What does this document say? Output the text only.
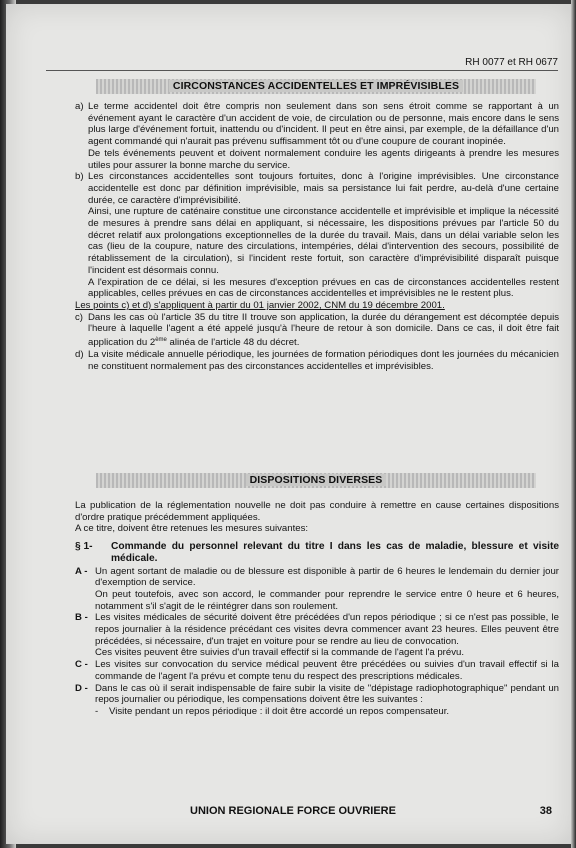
RH 0077 et RH 0677
CIRCONSTANCES ACCIDENTELLES ET IMPRÉVISIBLES
a) Le terme accidentel doit être compris non seulement dans son sens étroit comme se rapportant à un événement ayant le caractère d'un accident de voie, de circulation ou de personne, mais encore dans le sens plus large d'événement fortuit, inattendu ou d'incident. Il peut en être ainsi, par exemple, de la défaillance d'un agent commandé qui n'aurait pas prévenu suffisamment tôt ou d'une coupure de courant inopinée.

De tels événements peuvent et doivent normalement conduire les agents dirigeants à prendre les mesures utiles pour assurer la bonne marche du service.

b) Les circonstances accidentelles sont toujours fortuites, donc à l'origine imprévisibles. Une circonstance accidentelle est donc par définition imprévisible, mais sa persistance lui fait perdre, au-delà d'une certaine durée, ce caractère d'imprévisibilité.

Ainsi, une rupture de caténaire constitue une circonstance accidentelle et imprévisible et implique la nécessité de mesures à prendre sans délai en appliquant, si nécessaire, les dispositions prévues par l'article 50 du décret relatif aux prolongations exceptionnelles de la durée du travail. Mais, dans un délai variable selon les cas (lieu de la coupure, nature des circulations, intempéries, délai d'intervention des secours, possibilité de rétablissement de la circulation), si l'incident reste fortuit, son caractère d'imprévisibilité disparaît puisque l'incident est désormais connu.

A l'expiration de ce délai, si les mesures d'exception prévues en cas de circonstances accidentelles restent applicables, celles prévues en cas de circonstances accidentelles et imprévisibles ne le restent plus.

Les points c) et d) s'appliquent à partir du 01 janvier 2002, CNM du 19 décembre 2001.

c) Dans les cas où l'article 35 du titre II trouve son application, la durée du dérangement est décomptée depuis l'heure à laquelle l'agent a été appelé jusqu'à l'heure de retour à son domicile. Dans ce cas, il doit être fait application du 2ème alinéa de l'article 48 du décret.

d) La visite médicale annuelle périodique, les journées de formation périodiques dont les journées du mécanicien ne constituent normalement pas des circonstances accidentelles et imprévisibles.

DISPOSITIONS DIVERSES

La publication de la réglementation nouvelle ne doit pas conduire à remettre en cause certaines dispositions d'ordre pratique précédemment appliquées.

A ce titre, doivent être retenues les mesures suivantes:

§ 1-	Commande du personnel relevant du titre I dans les cas de maladie, blessure et visite médicale.
A - Un agent sortant de maladie ou de blessure est disponible à partir de 6 heures le lendemain du dernier jour d'exemption de service.

On peut toutefois, avec son accord, le commander pour reprendre le service entre 0 heure et 6 heures, notamment s'il s'agit de le réintégrer dans son roulement.

B - Les visites médicales de sécurité doivent être précédées d'un repos périodique ; si ce n'est pas possible, le repos journalier à la résidence précédant ces visites devra commencer avant 23 heures. Elles peuvent être précédées, si nécessaire, d'un trajet en voiture pour se rendre au lieu de convocation.

Ces visites peuvent être suivies d'un travail effectif si la commande de l'agent l'a prévu.

C - Les visites sur convocation du service médical peuvent être précédées ou suivies d'un travail effectif si la commande de l'agent l'a prévu et compte tenu du respect des prescriptions médicales.

D - Dans le cas où il serait indispensable de faire subir la visite de "dépistage radiophotographique" pendant un repos journalier ou périodique, les compensations doivent être les suivantes :

-	Visite pendant un repos périodique : il doit être accordé un repos compensateur.
UNION REGIONALE FORCE OUVRIERE	38
